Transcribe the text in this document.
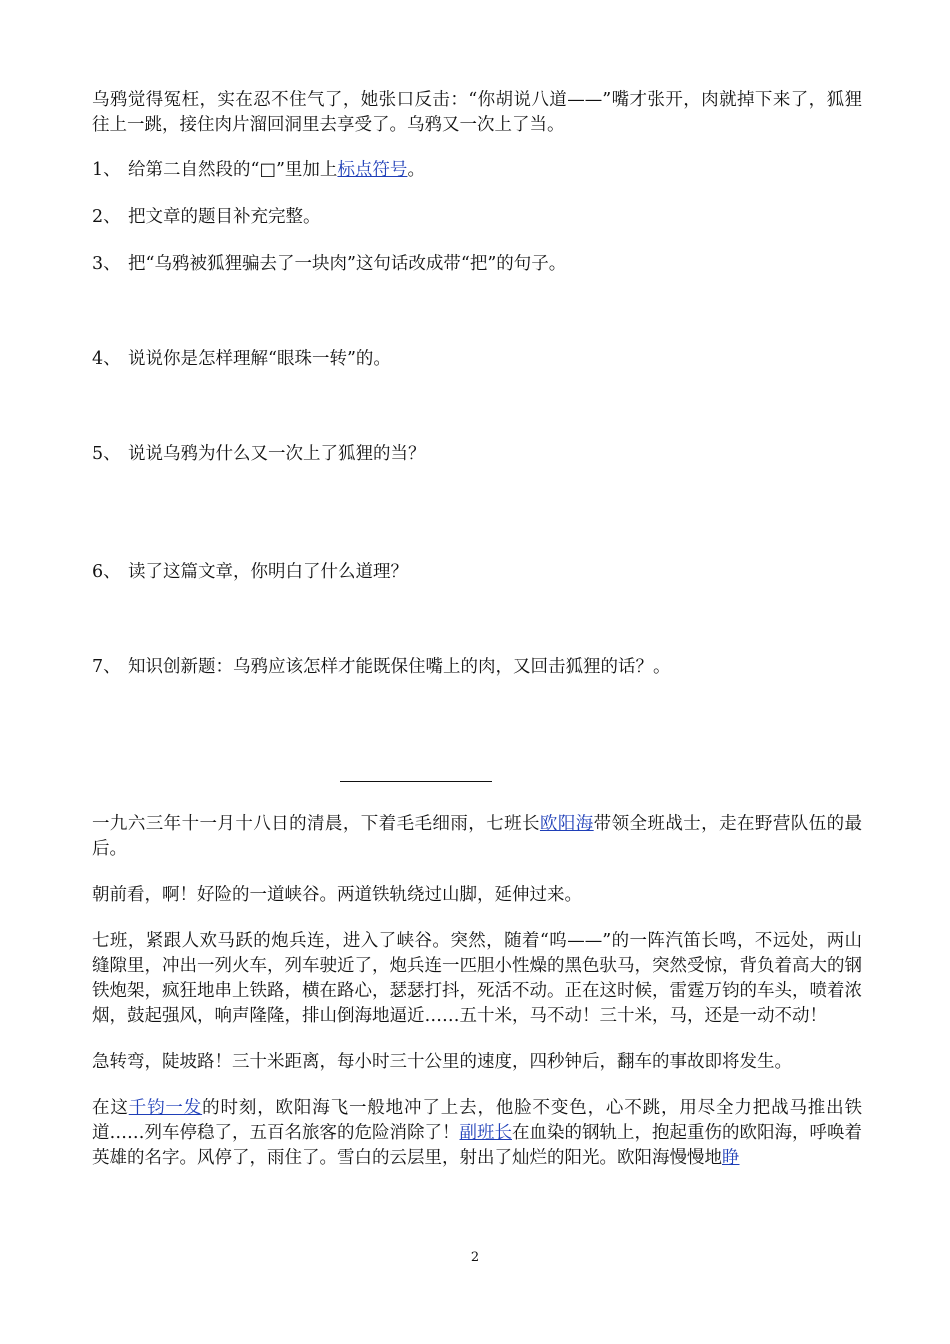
乌鸦觉得冤枉，实在忍不住气了，她张口反击：“你胡说八道——”嘴才张开，肉就掉下来了，狐狸往上一跳，接住肉片溜回洞里去享受了。乌鸦又一次上了当。

1、 给第二自然段的“□”里加上标点符号。
2、 把文章的题目补充完整。
3、 把“乌鸦被狐狸骗去了一块肉”这句话改成带“把”的句子。
4、 说说你是怎样理解“眼珠一转”的。
5、 说说乌鸦为什么又一次上了狐狸的当？
6、 读了这篇文章，你明白了什么道理？
7、 知识创新题：乌鸦应该怎样才能既保住嘴上的肉，又回击狐狸的话？。

一九六三年十一月十八日的清晨，下着毛毛细雨，七班长欧阳海带领全班战士，走在野营队伍的最后。

朝前看，啊！好险的一道峡谷。两道铁轨绕过山脚，延伸过来。

七班，紧跟人欢马跃的炮兵连，进入了峡谷。突然，随着“呜——”的一阵汽笛长鸣，不远处，两山缝隙里，冲出一列火车，列车驶近了，炮兵连一匹胆小性燥的黑色驮马，突然受惊，背负着高大的钢铁炮架，疯狂地串上铁路，横在路心，瑟瑟打抖，死活不动。正在这时候，雷霆万钧的车头，喷着浓烟，鼓起强风，响声隆隆，排山倒海地逼近……五十米，马不动！三十米，马，还是一动不动！

急转弯，陡坡路！三十米距离，每小时三十公里的速度，四秒钟后，翻车的事故即将发生。

在这千钧一发的时刻，欧阳海飞一般地冲了上去，他脸不变色，心不跳，用尽全力把战马推出铁道……列车停稳了，五百名旅客的危险消除了！副班长在血染的钢轨上，抱起重伤的欧阳海，呼唤着英雄的名字。风停了，雨住了。雪白的云层里，射出了灿烂的阳光。欧阳海慢慢地睁

2
